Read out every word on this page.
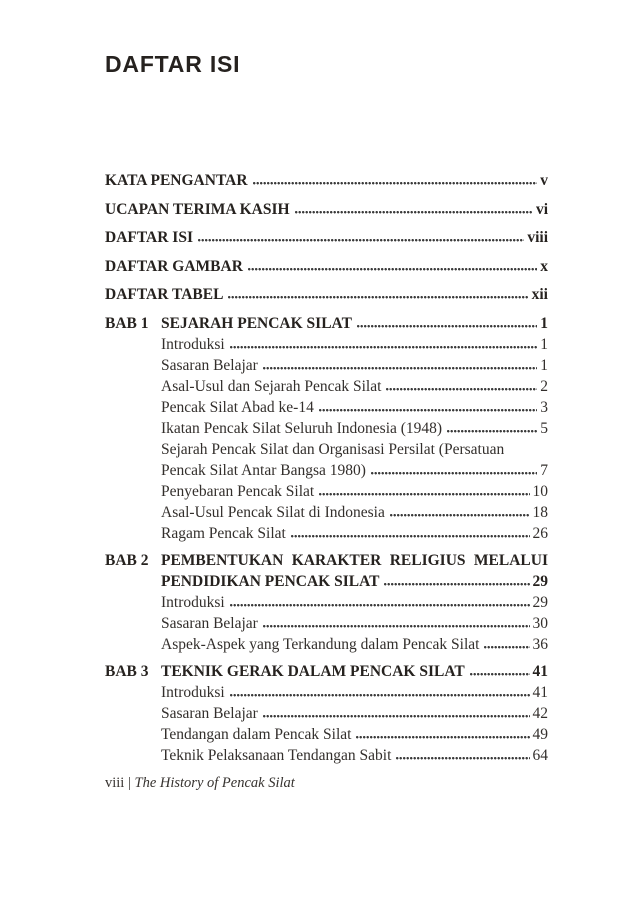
DAFTAR ISI
KATA PENGANTAR	v
UCAPAN TERIMA KASIH	vi
DAFTAR ISI	viii
DAFTAR GAMBAR	x
DAFTAR TABEL	xii
BAB 1 SEJARAH PENCAK SILAT	1
Introduksi	1
Sasaran Belajar	1
Asal-Usul dan Sejarah Pencak Silat	2
Pencak Silat Abad ke-14	3
Ikatan Pencak Silat Seluruh Indonesia (1948)	5
Sejarah Pencak Silat dan Organisasi Persilat (Persatuan
Pencak Silat Antar Bangsa 1980)	7
Penyebaran Pencak Silat	10
Asal-Usul Pencak Silat di Indonesia	18
Ragam Pencak Silat	26
BAB 2 PEMBENTUKAN KARAKTER RELIGIUS MELALUI
PENDIDIKAN PENCAK SILAT	29
Introduksi	29
Sasaran Belajar	30
Aspek-Aspek yang Terkandung dalam Pencak Silat	36
BAB 3 TEKNIK GERAK DALAM PENCAK SILAT	41
Introduksi	41
Sasaran Belajar	42
Tendangan dalam Pencak Silat	49
Teknik Pelaksanaan Tendangan Sabit	64
viii | The History of Pencak Silat
